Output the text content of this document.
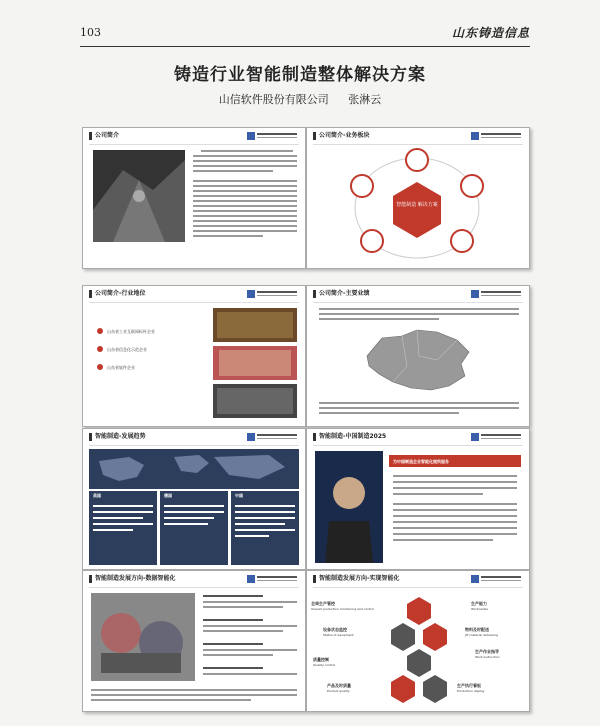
103	山东铸造信息
铸造行业智能制造整体解决方案
山信软件股份有限公司 张淋云
公司简介	公司简介-业务板块
智能制造 解决方案
公司简介-行业地位
山东省工业互联网标杆企业
山东省信息化示范企业
山东省软件企业
公司简介-主要业绩
智能制造-发展趋势
美国	德国	中国
智能制造-中国制造2025
为中国制造企业智能化提供服务
智能制造发展方向-数据智能化	智能制造发展方向-实现智能化
全周生产管控
Overall production monitoring and control
设备状态监控
Status of equipment
质量控制
Quality control
产品及时质量
Product quality
物料及时配送
JIT material delivering
生产作业指导
Work instruction
生产执行看板
Production display
生产能力
Workcenter
